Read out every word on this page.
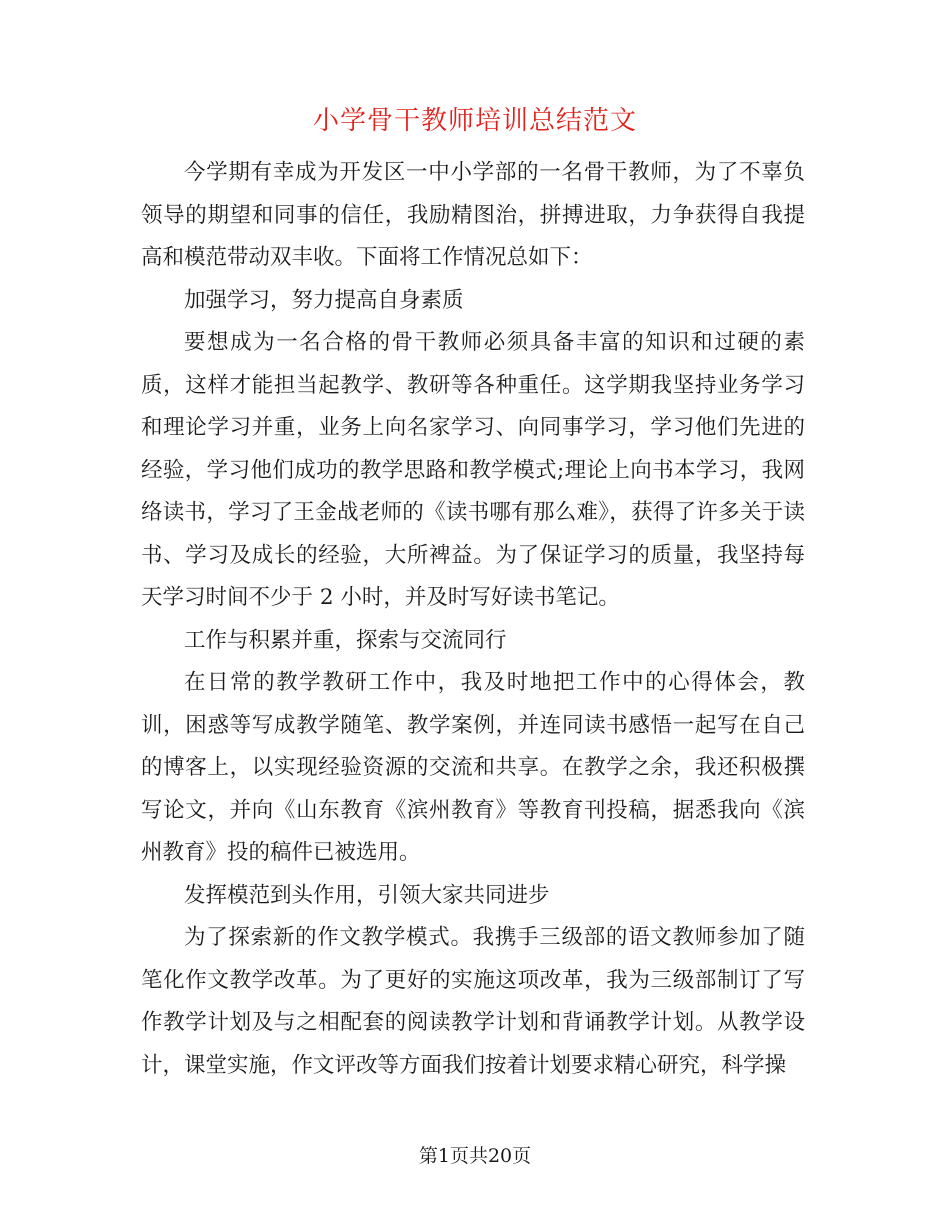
小学骨干教师培训总结范文

今学期有幸成为开发区一中小学部的一名骨干教师，为了不辜负领导的期望和同事的信任，我励精图治，拼搏进取，力争获得自我提高和模范带动双丰收。下面将工作情况总如下：

加强学习，努力提高自身素质

要想成为一名合格的骨干教师必须具备丰富的知识和过硬的素质，这样才能担当起教学、教研等各种重任。这学期我坚持业务学习和理论学习并重，业务上向名家学习、向同事学习，学习他们先进的经验，学习他们成功的教学思路和教学模式;理论上向书本学习，我网络读书，学习了王金战老师的《读书哪有那么难》，获得了许多关于读书、学习及成长的经验，大所裨益。为了保证学习的质量，我坚持每天学习时间不少于 2 小时，并及时写好读书笔记。

工作与积累并重，探索与交流同行

在日常的教学教研工作中，我及时地把工作中的心得体会，教训，困惑等写成教学随笔、教学案例，并连同读书感悟一起写在自己的博客上，以实现经验资源的交流和共享。在教学之余，我还积极撰写论文，并向《山东教育《滨州教育》等教育刊投稿，据悉我向《滨州教育》投的稿件已被选用。

发挥模范到头作用，引领大家共同进步

为了探索新的作文教学模式。我携手三级部的语文教师参加了随笔化作文教学改革。为了更好的实施这项改革，我为三级部制订了写作教学计划及与之相配套的阅读教学计划和背诵教学计划。从教学设计，课堂实施，作文评改等方面我们按着计划要求精心研究，科学操

第1页共20页
